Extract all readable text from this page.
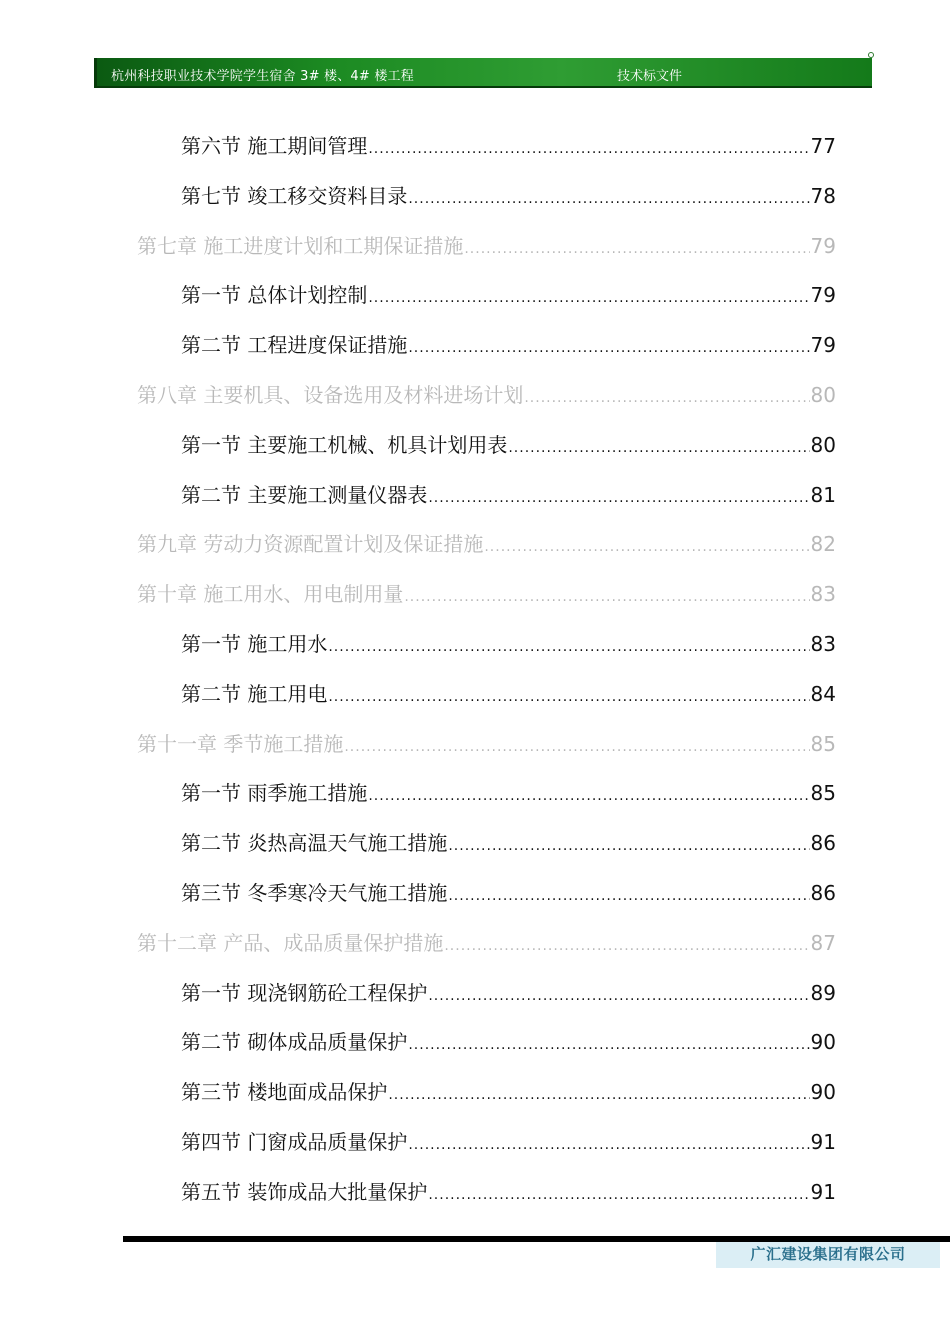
杭州科技职业技术学院学生宿舍 3# 楼、4# 楼工程	技术标文件
第六节 施工期间管理 .....	77
第七节 竣工移交资料目录 .....	78
第七章 施工进度计划和工期保证措施 .....	79
第一节 总体计划控制 .....	79
第二节 工程进度保证措施 .....	79
第八章 主要机具、设备选用及材料进场计划 .....	80
第一节 主要施工机械、机具计划用表 .....	80
第二节 主要施工测量仪器表 .....	81
第九章 劳动力资源配置计划及保证措施 .....	82
第十章 施工用水、用电制用量 .....	83
第一节 施工用水 .....	83
第二节 施工用电 .....	84
第十一章 季节施工措施 .....	85
第一节 雨季施工措施 .....	85
第二节 炎热高温天气施工措施 .....	86
第三节 冬季寒冷天气施工措施 .....	86
第十二章 产品、成品质量保护措施 .....	87
第一节 现浇钢筋砼工程保护 .....	89
第二节 砌体成品质量保护 .....	90
第三节 楼地面成品保护 .....	90
第四节 门窗成品质量保护 .....	91
第五节 装饰成品大批量保护 .....	91
广汇建设集团有限公司
